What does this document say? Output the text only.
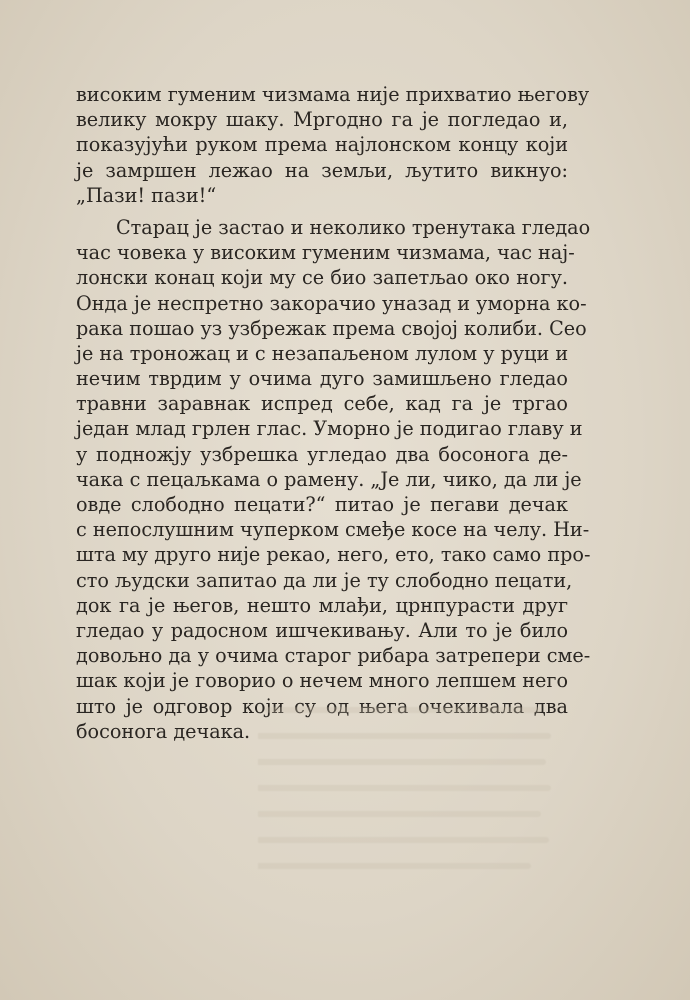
високим гуменим чизмама није прихватио његову
велику мокру шаку. Мргодно га је погледао и,
показујући руком према најлонском концу који
је замршен лежао на земљи, љутито викнуо:
„Пази! пази!“
Старац је застао и неколико тренутака гледао
час човека у високим гуменим чизмама, час нај-
лонски конац који му се био запетљао око ногу.
Онда је неспретно закорачио уназад и уморна ко-
рака пошао уз узбрежак према својој колиби. Сео
је на троножац и с незапаљеном лулом у руци и
нечим тврдим у очима дуго замишљено гледао
травни заравнак испред себе, кад га је тргао
један млад грлен глас. Уморно је подигао главу и
у подножју узбрешка угледао два босонога де-
чака с пецаљкама о рамену. „Је ли, чико, да ли је
овде слободно пецати?“ питао је пегави дечак
с непослушним чуперком смеђе косе на челу. Ни-
шта му друго није рекао, него, ето, тако само про-
сто људски запитао да ли је ту слободно пецати,
док га је његов, нешто млађи, црнпурасти друг
гледао у радосном ишчекивању. Али то је било
довољно да у очима старог рибара затрепери сме-
шак који је говорио о нечем много лепшем него
што је одговор који су од њега очекивала два
босонога дечака.
